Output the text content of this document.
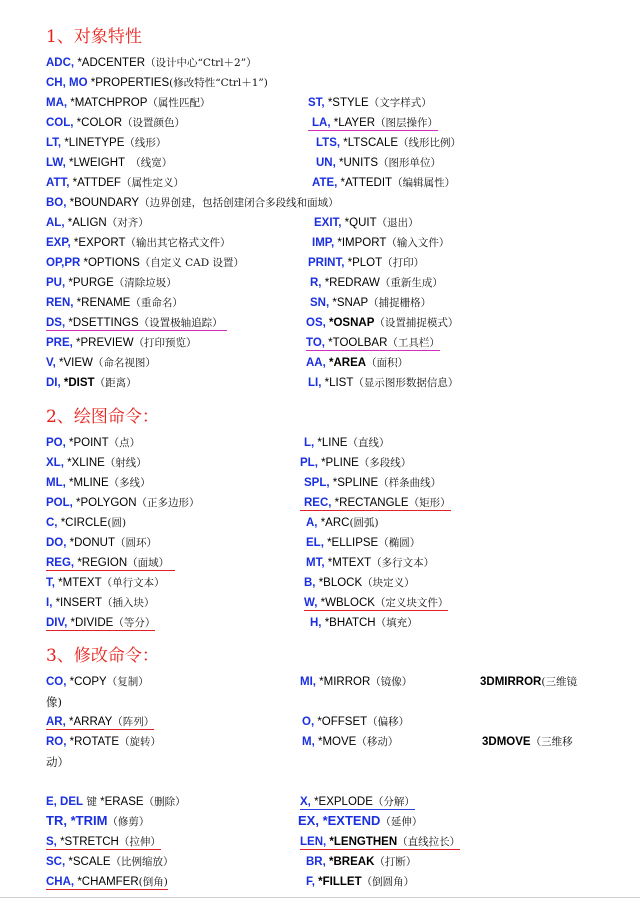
1、对象特性
ADC, *ADCENTER（设计中心“Ctrl＋2”）
CH, MO *PROPERTIES(修改特性“Ctrl＋1”)
MA, *MATCHPROP（属性匹配）	ST, *STYLE（文字样式）
COL, *COLOR（设置颜色）	LA, *LAYER（图层操作）
LT, *LINETYPE（线形）	LTS, *LTSCALE（线形比例）
LW, *LWEIGHT　（线宽）	UN, *UNITS（图形单位）
ATT, *ATTDEF（属性定义）	ATE, *ATTEDIT（编辑属性）
BO, *BOUNDARY（边界创建，包括创建闭合多段线和面域）
AL, *ALIGN（对齐）	EXIT, *QUIT（退出）
EXP, *EXPORT（输出其它格式文件）	IMP, *IMPORT（输入文件）
OP,PR *OPTIONS（自定义 CAD 设置）	PRINT, *PLOT（打印）
PU, *PURGE（清除垃圾）	R, *REDRAW（重新生成）
REN, *RENAME（重命名）	SN, *SNAP（捕捉栅格）
DS, *DSETTINGS（设置极轴追踪）	OS, *OSNAP（设置捕捉模式）
PRE, *PREVIEW（打印预览）	TO, *TOOLBAR（工具栏）
V, *VIEW（命名视图）	AA, *AREA（面积）
DI, *DIST（距离）	LI, *LIST（显示图形数据信息）
2、绘图命令：
PO, *POINT（点）	L, *LINE（直线）
XL, *XLINE（射线）	PL, *PLINE（多段线）
ML, *MLINE（多线）	SPL, *SPLINE（样条曲线）
POL, *POLYGON（正多边形）	REC, *RECTANGLE（矩形）
C, *CIRCLE(圆)	A, *ARC(圆弧)
DO, *DONUT（圆环）	EL, *ELLIPSE（椭圆）
REG, *REGION（面域）	MT, *MTEXT（多行文本）
T, *MTEXT（单行文本）	B, *BLOCK（块定义）
I, *INSERT（插入块）	W, *WBLOCK（定义块文件）
DIV, *DIVIDE（等分）	H, *BHATCH（填充）
3、修改命令：
CO, *COPY（复制）	MI, *MIRROR（镜像）	3DMIRROR(三维镜
像)
AR, *ARRAY（阵列）	O, *OFFSET（偏移）
RO, *ROTATE（旋转）	M, *MOVE（移动）	3DMOVE（三维移
动）
E, DEL 键 *ERASE（删除）	X, *EXPLODE（分解）
TR, *TRIM（修剪）	EX, *EXTEND（延伸）
S, *STRETCH（拉伸）	LEN, *LENGTHEN（直线拉长）
SC, *SCALE（比例缩放）	BR, *BREAK（打断）
CHA, *CHAMFER(倒角)	F, *FILLET（倒圆角）
